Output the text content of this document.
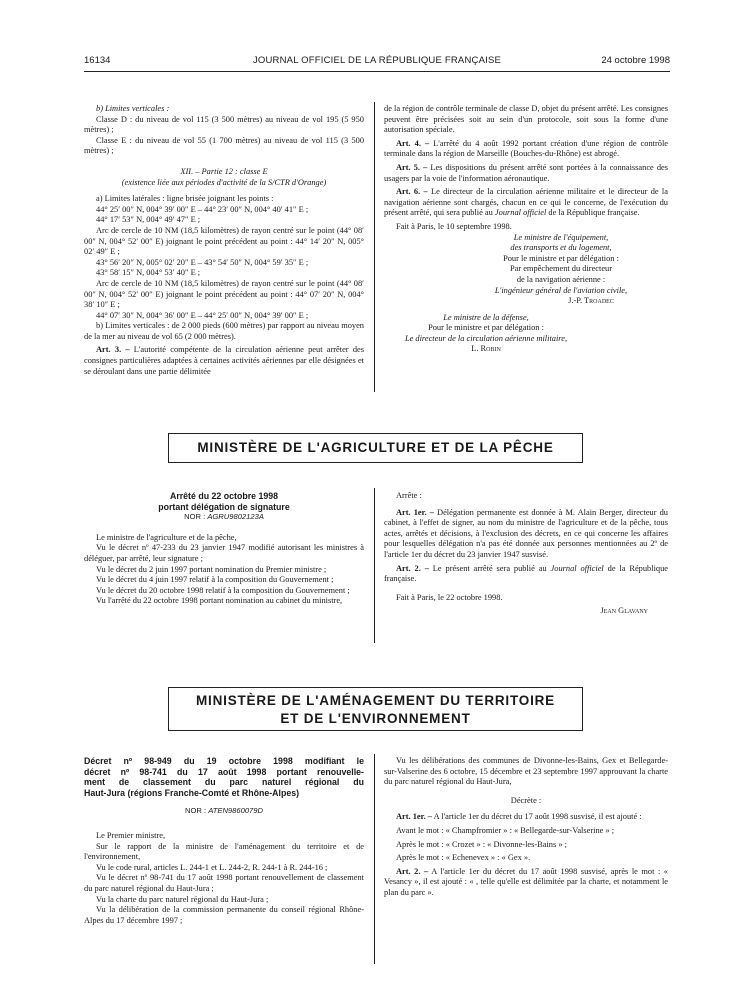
16134	JOURNAL OFFICIEL DE LA RÉPUBLIQUE FRANÇAISE	24 octobre 1998

b) Limites verticales :

Classe D : du niveau de vol 115 (3 500 mètres) au niveau de vol 195 (5 950 mètres) ;

Classe E : du niveau de vol 55 (1 700 mètres) au niveau de vol 115 (3 500 mètres) ;

XII. – Partie 12 : classe E

(existence liée aux périodes d'activité de la S/CTR d'Orange)

a) Limites latérales : ligne brisée joignant les points :

44° 25′ 00″ N, 004° 39′ 00″ E – 44° 23′ 00″ N, 004° 40′ 41″ E ;

44° 17′ 53″ N, 004° 49′ 47″ E ;

Arc de cercle de 10 NM (18,5 kilomètres) de rayon centré sur le point (44° 08′ 00″ N, 004° 52′ 00″ E) joignant le point précédent au point : 44° 14′ 20″ N, 005° 02′ 49″ E ;

43° 56′ 20″ N, 005° 02′ 20″ E – 43° 54′ 50″ N, 004° 59′ 35″ E ;

43° 58′ 15″ N, 004° 53′ 40″ E ;

Arc de cercle de 10 NM (18,5 kilomètres) de rayon centré sur le point (44° 08′ 00″ N, 004° 52′ 00″ E) joignant le point précédent au point : 44° 07′ 20″ N, 004° 38′ 10″ E ;

44° 07′ 30″ N, 004° 36′ 00″ E – 44° 25′ 00″ N, 004° 39′ 00″ E ;

b) Limites verticales : de 2 000 pieds (600 mètres) par rapport au niveau moyen de la mer au niveau de vol 65 (2 000 mètres).

Art. 3. – L'autorité compétente de la circulation aérienne peut arrêter des consignes particulières adaptées à certaines activités aériennes par elle désignées et se déroulant dans une partie délimitée

de la région de contrôle terminale de classe D, objet du présent arrêté. Les consignes peuvent être précisées soit au sein d'un protocole, soit sous la forme d'une autorisation spéciale.

Art. 4. – L'arrêté du 4 août 1992 portant création d'une région de contrôle terminale dans la région de Marseille (Bouches-du-Rhône) est abrogé.

Art. 5. – Les dispositions du présent arrêté sont portées à la connaissance des usagers par la voie de l'information aéronautique.

Art. 6. – Le directeur de la circulation aérienne militaire et le directeur de la navigation aérienne sont chargés, chacun en ce qui le concerne, de l'exécution du présent arrêté, qui sera publié au Journal officiel de la République française.

Fait à Paris, le 10 septembre 1998.

Le ministre de l'équipement,

des transports et du logement,

Pour le ministre et par délégation :

Par empêchement du directeur

de la navigation aérienne :

L'ingénieur général de l'aviation civile,

J.-P. Troadec

Le ministre de la défense,

Pour le ministre et par délégation :

Le directeur de la circulation aérienne militaire,

L. Robin

MINISTÈRE DE L'AGRICULTURE ET DE LA PÊCHE

Arrêté du 22 octobre 1998

portant délégation de signature

NOR : AGRU9802123A

Le ministre de l'agriculture et de la pêche,

Vu le décret nº 47-233 du 23 janvier 1947 modifié autorisant les ministres à déléguer, par arrêté, leur signature ;

Vu le décret du 2 juin 1997 portant nomination du Premier ministre ;

Vu le décret du 4 juin 1997 relatif à la composition du Gouvernement ;

Vu le décret du 20 octobre 1998 relatif à la composition du Gouvernement ;

Vu l'arrêté du 22 octobre 1998 portant nomination au cabinet du ministre,

Arrête :

Art. 1er. – Délégation permanente est donnée à M. Alain Berger, directeur du cabinet, à l'effet de signer, au nom du ministre de l'agriculture et de la pêche, tous actes, arrêtés et décisions, à l'exclusion des décrets, en ce qui concerne les affaires pour lesquelles délégation n'a pas été donnée aux personnes mentionnées au 2º de l'article 1er du décret du 23 janvier 1947 susvisé.

Art. 2. – Le présent arrêté sera publié au Journal officiel de la République française.

Fait à Paris, le 22 octobre 1998.

Jean Glavany

MINISTÈRE DE L'AMÉNAGEMENT DU TERRITOIRE
ET DE L'ENVIRONNEMENT

Décret nº 98-949 du 19 octobre 1998 modifiant le

décret nº 98-741 du 17 août 1998 portant renouvelle-

ment de classement du parc naturel régional du

Haut-Jura (régions Franche-Comté et Rhône-Alpes)

NOR : ATEN9860079D

Le Premier ministre,

Sur le rapport de la ministre de l'aménagement du territoire et de l'environnement,

Vu le code rural, articles L. 244-1 et L. 244-2, R. 244-1 à R. 244-16 ;

Vu le décret nº 98-741 du 17 août 1998 portant renouvellement de classement du parc naturel régional du Haut-Jura ;

Vu la charte du parc naturel régional du Haut-Jura ;

Vu la délibération de la commission permanente du conseil régional Rhône-Alpes du 17 décembre 1997 ;

Vu les délibérations des communes de Divonne-les-Bains, Gex et Bellegarde-sur-Valserine des 6 octobre, 15 décembre et 23 septembre 1997 approuvant la charte du parc naturel régional du Haut-Jura,

Décrète :

Art. 1er. – A l'article 1er du décret du 17 août 1998 susvisé, il est ajouté :

Avant le mot : « Champfromier » : « Bellegarde-sur-Valserine » ;

Après le mot : « Crozet » : « Divonne-les-Bains » ;

Après le mot : « Echenevex » : « Gex ».

Art. 2. – A l'article 1er du décret du 17 août 1998 susvisé, après le mot : « Vesancy », il est ajouté : « , telle qu'elle est délimitée par la charte, et notamment le plan du parc ».
